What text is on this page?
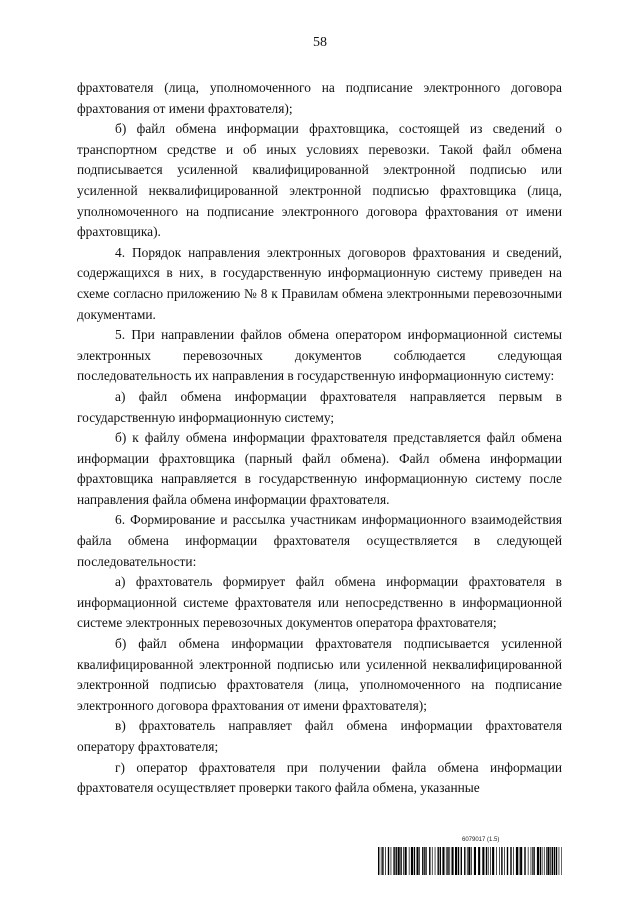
58

фрахтователя (лица, уполномоченного на подписание электронного договора фрахтования от имени фрахтователя);

б) файл обмена информации фрахтовщика, состоящей из сведений о транспортном средстве и об иных условиях перевозки. Такой файл обмена подписывается усиленной квалифицированной электронной подписью или усиленной неквалифицированной электронной подписью фрахтовщика (лица, уполномоченного на подписание электронного договора фрахтования от имени фрахтовщика).

4. Порядок направления электронных договоров фрахтования и сведений, содержащихся в них, в государственную информационную систему приведен на схеме согласно приложению № 8 к Правилам обмена электронными перевозочными документами.

5. При направлении файлов обмена оператором информационной системы электронных перевозочных документов соблюдается следующая последовательность их направления в государственную информационную систему:

а) файл обмена информации фрахтователя направляется первым в государственную информационную систему;

б) к файлу обмена информации фрахтователя представляется файл обмена информации фрахтовщика (парный файл обмена). Файл обмена информации фрахтовщика направляется в государственную информационную систему после направления файла обмена информации фрахтователя.

6. Формирование и рассылка участникам информационного взаимодействия файла обмена информации фрахтователя осуществляется в следующей последовательности:

а) фрахтователь формирует файл обмена информации фрахтователя в информационной системе фрахтователя или непосредственно в информационной системе электронных перевозочных документов оператора фрахтователя;

б) файл обмена информации фрахтователя подписывается усиленной квалифицированной электронной подписью или усиленной неквалифицированной электронной подписью фрахтователя (лица, уполномоченного на подписание электронного договора фрахтования от имени фрахтователя);

в) фрахтователь направляет файл обмена информации фрахтователя оператору фрахтователя;

г) оператор фрахтователя при получении файла обмена информации фрахтователя осуществляет проверки такого файла обмена, указанные

6079017 (1.5)
